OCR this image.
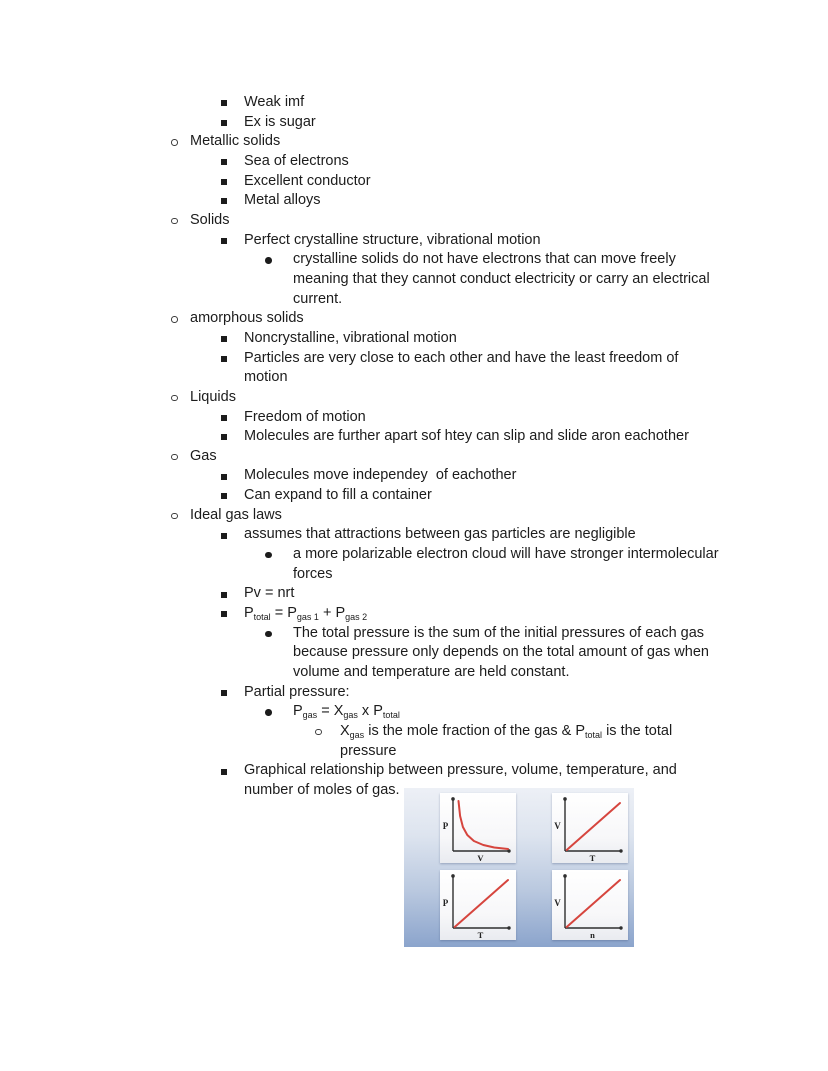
Weak imf
Ex is sugar
Metallic solids
Sea of electrons
Excellent conductor
Metal alloys
Solids
Perfect crystalline structure, vibrational motion
crystalline solids do not have electrons that can move freely
meaning that they cannot conduct electricity or carry an electrical
current.
amorphous solids
Noncrystalline, vibrational motion
Particles are very close to each other and have the least freedom of
motion
Liquids
Freedom of motion
Molecules are further apart sof htey can slip and slide aron eachother
Gas
Molecules move independey  of eachother
Can expand to fill a container
Ideal gas laws
assumes that attractions between gas particles are negligible
a more polarizable electron cloud will have stronger intermolecular
forces
Pv = nrt
$P_{total} = P_{gas 1} + P_{gas 2}$
The total pressure is the sum of the initial pressures of each gas
because pressure only depends on the total amount of gas when
volume and temperature are held constant.
Partial pressure:
$P_{gas} = X_{gas}$ x $P_{total}$
$X_{gas}$ is the mole fraction of the gas & $P_{total}$ is the total
pressure
Graphical relationship between pressure, volume, temperature, and
number of moles of gas.
P
V
V
T
P
T
V
n
